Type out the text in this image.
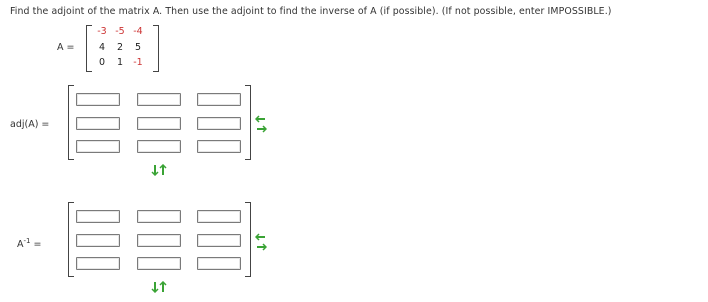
Find the adjoint of the matrix A. Then use the adjoint to find the inverse of A (if possible). (If not possible, enter IMPOSSIBLE.)
A =
-3 -5 -4
4	2	5
0	1	-1
adj(A) =
$A^{-1}$ =
